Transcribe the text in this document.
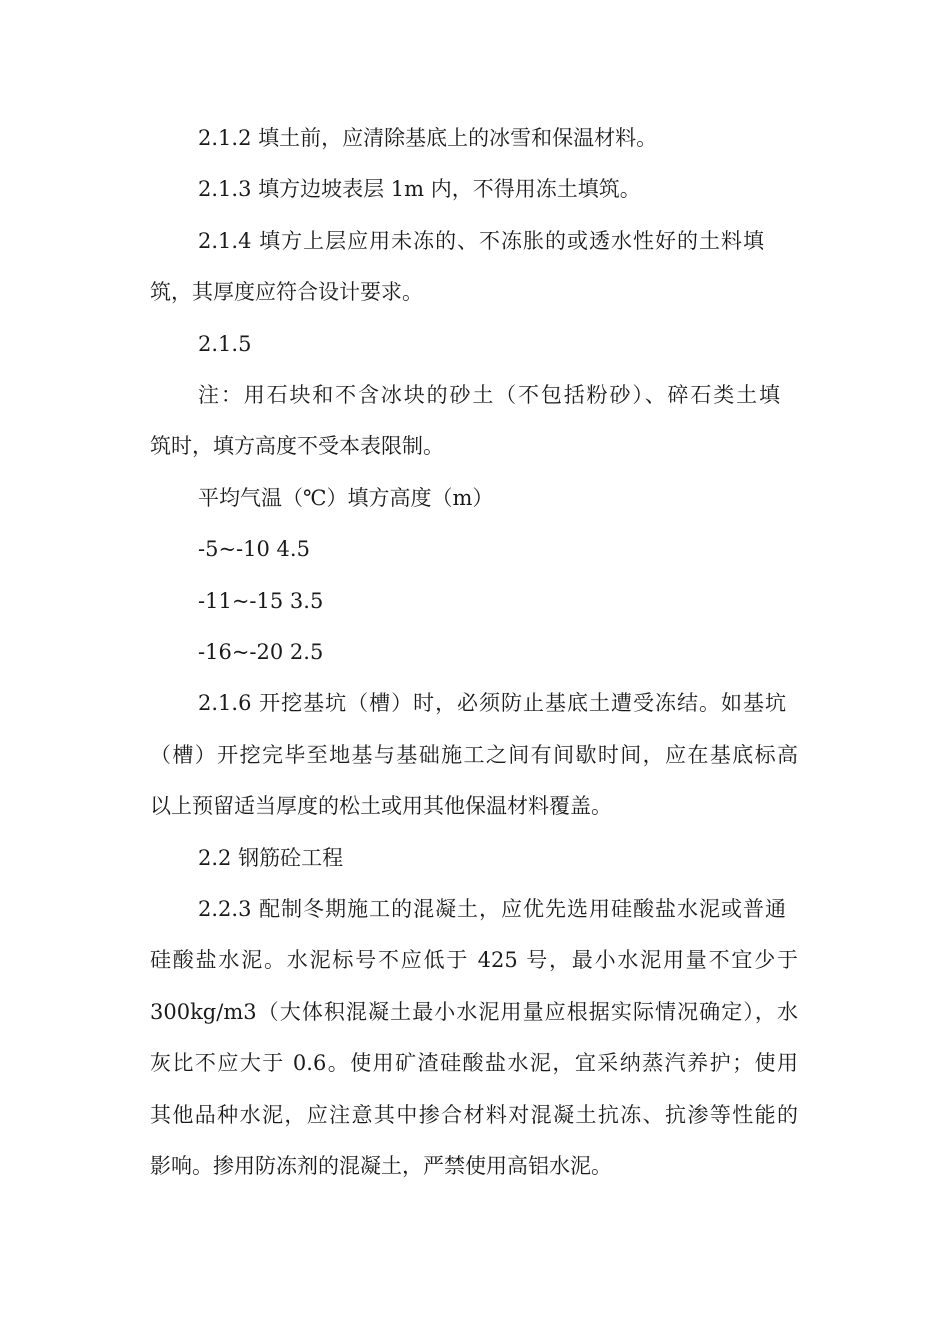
2.1.2 填土前，应清除基底上的冰雪和保温材料。
2.1.3 填方边坡表层 1m 内，不得用冻土填筑。
2.1.4 填方上层应用未冻的、不冻胀的或透水性好的土料填
筑，其厚度应符合设计要求。
2.1.5
注：用石块和不含冰块的砂土（不包括粉砂）、碎石类土填
筑时，填方高度不受本表限制。
平均气温（℃）填方高度（m）
-5~-10 4.5
-11~-15 3.5
-16~-20 2.5
2.1.6 开挖基坑（槽）时，必须防止基底土遭受冻结。如基坑
（槽）开挖完毕至地基与基础施工之间有间歇时间，应在基底标高
以上预留适当厚度的松土或用其他保温材料覆盖。
2.2 钢筋砼工程
2.2.3 配制冬期施工的混凝土，应优先选用硅酸盐水泥或普通
硅酸盐水泥。水泥标号不应低于 425 号，最小水泥用量不宜少于
300kg/m3（大体积混凝土最小水泥用量应根据实际情况确定），水
灰比不应大于 0.6。使用矿渣硅酸盐水泥，宜采纳蒸汽养护；使用
其他品种水泥，应注意其中掺合材料对混凝土抗冻、抗渗等性能的
影响。掺用防冻剂的混凝土，严禁使用高铝水泥。
